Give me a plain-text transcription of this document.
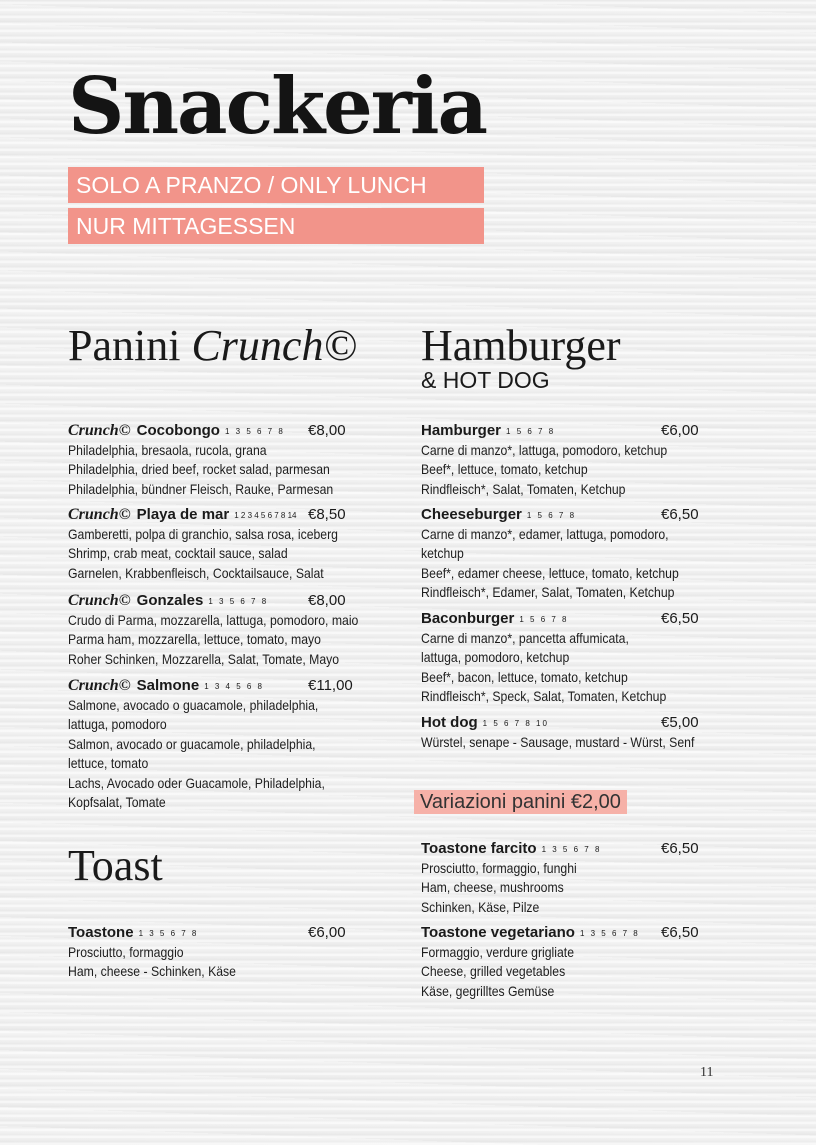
Snackeria
SOLO A PRANZO / ONLY LUNCH
NUR MITTAGESSEN
Panini Crunch©
Crunch© Cocobongo 1 3 5 6 7 8 €8,00
Philadelphia, bresaola, rucola, grana
Philadelphia, dried beef, rocket salad, parmesan
Philadelphia, bündner Fleisch, Rauke, Parmesan
Crunch© Playa de mar 1 2 3 4 5 6 7 8 14 €8,50
Gamberetti, polpa di granchio, salsa rosa, iceberg
Shrimp, crab meat, cocktail sauce, salad
Garnelen, Krabbenfleisch, Cocktailsauce, Salat
Crunch© Gonzales 1 3 5 6 7 8	€8,00
Crudo di Parma, mozzarella, lattuga, pomodoro, maio
Parma ham, mozzarella, lettuce, tomato, mayo
Roher Schinken, Mozzarella, Salat, Tomate, Mayo
Crunch© Salmone 1 3 4 5 6 8	€11,00
Salmone, avocado o guacamole, philadelphia,
lattuga, pomodoro
Salmon, avocado or guacamole, philadelphia,
lettuce, tomato
Lachs, Avocado oder Guacamole, Philadelphia,
Kopfsalat, Tomate
Toast
Toastone 1 3 5 6 7 8	€6,00
Prosciutto, formaggio
Ham, cheese - Schinken, Käse
Hamburger
& HOT DOG
Hamburger 1 5 6 7 8	€6,00
Carne di manzo*, lattuga, pomodoro, ketchup
Beef*, lettuce, tomato, ketchup
Rindfleisch*, Salat, Tomaten, Ketchup
Cheeseburger 1 5 6 7 8	€6,50
Carne di manzo*, edamer, lattuga, pomodoro,
ketchup
Beef*, edamer cheese, lettuce, tomato, ketchup
Rindfleisch*, Edamer, Salat, Tomaten, Ketchup
Baconburger 1 5 6 7 8	€6,50
Carne di manzo*, pancetta affumicata,
lattuga, pomodoro, ketchup
Beef*, bacon, lettuce, tomato, ketchup
Rindfleisch*, Speck, Salat, Tomaten, Ketchup
Hot dog 1 5 6 7 8 10	€5,00
Würstel, senape - Sausage, mustard - Würst, Senf
Variazioni panini €2,00
Toastone farcito 1 3 5 6 7 8	€6,50
Prosciutto, formaggio, funghi
Ham, cheese, mushrooms
Schinken, Käse, Pilze
Toastone vegetariano 1 3 5 6 7 8 €6,50
Formaggio, verdure grigliate
Cheese, grilled vegetables
Käse, gegrilltes Gemüse
11
